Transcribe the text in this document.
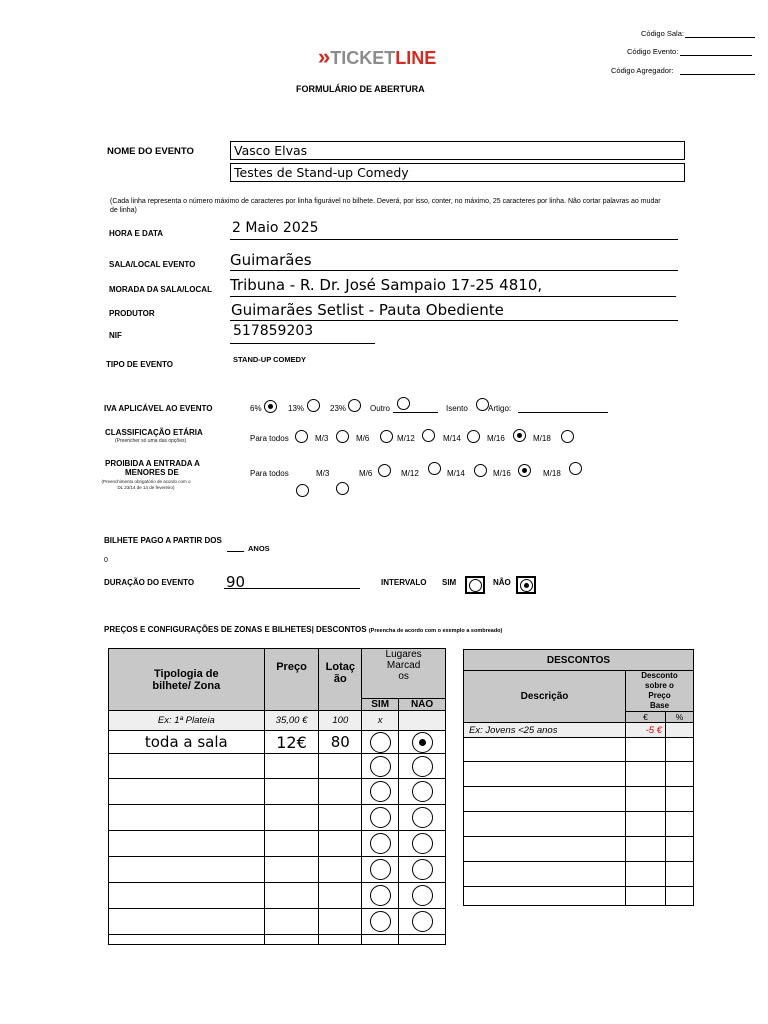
Código Sala:
Código Evento:
Código Agregador:
»TICKETLINE
FORMULÁRIO DE ABERTURA
NOME DO EVENTO	Vasco Elvas
Testes de Stand-up Comedy
(Cada linha representa o número máximo de caracteres por linha figurável no bilhete. Deverá, por isso, conter, no máximo, 25 caracteres por linha. Não cortar palavras ao mudar de linha)
HORA E DATA	2 Maio 2025
SALA/LOCAL EVENTO Guimarães
MORADA DA SALA/LOCAL Tribuna - R. Dr. José Sampaio 17-25 4810,
PRODUTOR	Guimarães Setlist - Pauta Obediente
NIF	517859203
TIPO DE EVENTO
STAND-UP COMEDY
IVA APLICÁVEL AO EVENTO	6%	13%	23%	Outro	Isento	Artigo:
CLASSIFICAÇÃO ETÁRIA
(Preencher só uma das opções)	Para todos	M/3	M/6	M/12	M/14	M/16	M/18
PROIBIDA A ENTRADA A
MENORES DE
(Preenchimento obrigatório de acordo com o DL 23/14 de 14 de fevereiro)
Para todos	M/3	M/6	M/12	M/14	M/16	M/18
BILHETE PAGO A PARTIR DOS
ANOS
0
DURAÇÃO DO EVENTO 90	INTERVALO SIM	NÃO
PREÇOS E CONFIGURAÇÕES DE ZONAS E BILHETES| DESCONTOS (Preencha de acordo com o exemplo a sombreado)
Tipologia de bilhete/ Zona	Preço	Lotação	Lugares Marcados	
			SIM	NÃO
Ex: 1ª Plateia	35,00 €	100	x	
toda a sala	12€	80		

DESCONTOS		
Descrição	Desconto sobre o Preço Base	
	€	%
Ex: Jovens <25 anos	-5 €	
